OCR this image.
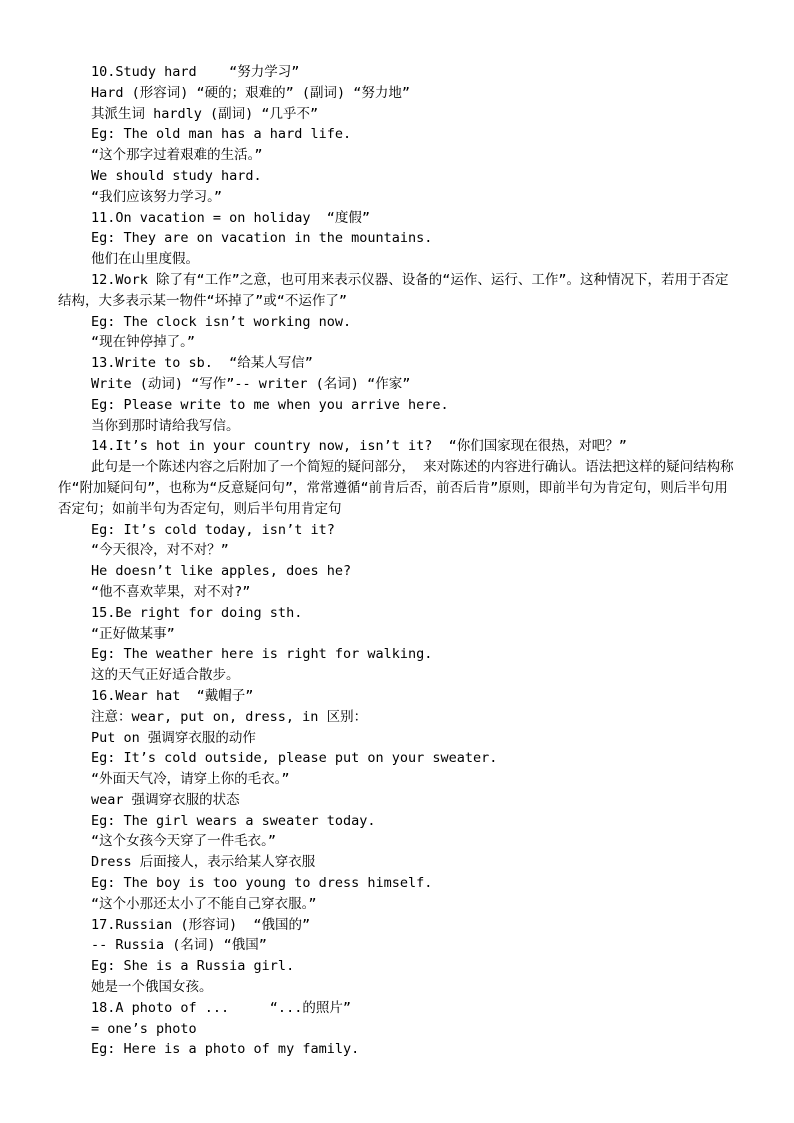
10.Study hard    “努力学习”
Hard (形容词) “硬的；艰难的” (副词) “努力地”
其派生词 hardly (副词) “几乎不”
Eg: The old man has a hard life.
“这个那字过着艰难的生活。”
We should study hard.
“我们应该努力学习。”
11.On vacation = on holiday  “度假”
Eg: They are on vacation in the mountains.
他们在山里度假。
12.Work 除了有“工作”之意，也可用来表示仪器、设备的“运作、运行、工作”。这种情况下，若用于否定结构，大多表示某一物件“坏掉了”或“不运作了”
Eg: The clock isn’t working now.
“现在钟停掉了。”
13.Write to sb.  “给某人写信”
Write (动词) “写作”-- writer (名词) “作家”
Eg: Please write to me when you arrive here.
当你到那时请给我写信。
14.It’s hot in your country now, isn’t it?  “你们国家现在很热，对吧？”
此句是一个陈述内容之后附加了一个简短的疑问部分， 来对陈述的内容进行确认。语法把这样的疑问结构称作“附加疑问句”，也称为“反意疑问句”，常常遵循“前肯后否，前否后肯”原则，即前半句为肯定句，则后半句用否定句；如前半句为否定句，则后半句用肯定句
Eg: It’s cold today, isn’t it?
“今天很冷，对不对？”
He doesn’t like apples, does he?
“他不喜欢苹果，对不对?”
15.Be right for doing sth.
“正好做某事”
Eg: The weather here is right for walking.
这的天气正好适合散步。
16.Wear hat  “戴帽子”
注意：wear, put on, dress, in 区别：
Put on 强调穿衣服的动作
Eg: It’s cold outside, please put on your sweater.
“外面天气冷，请穿上你的毛衣。”
wear 强调穿衣服的状态
Eg: The girl wears a sweater today.
“这个女孩今天穿了一件毛衣。”
Dress 后面接人，表示给某人穿衣服
Eg: The boy is too young to dress himself.
“这个小那还太小了不能自己穿衣服。”
17.Russian (形容词)  “俄国的”
-- Russia (名词) “俄国”
Eg: She is a Russia girl.
她是一个俄国女孩。
18.A photo of ...     “...的照片”
= one’s photo
Eg: Here is a photo of my family.
